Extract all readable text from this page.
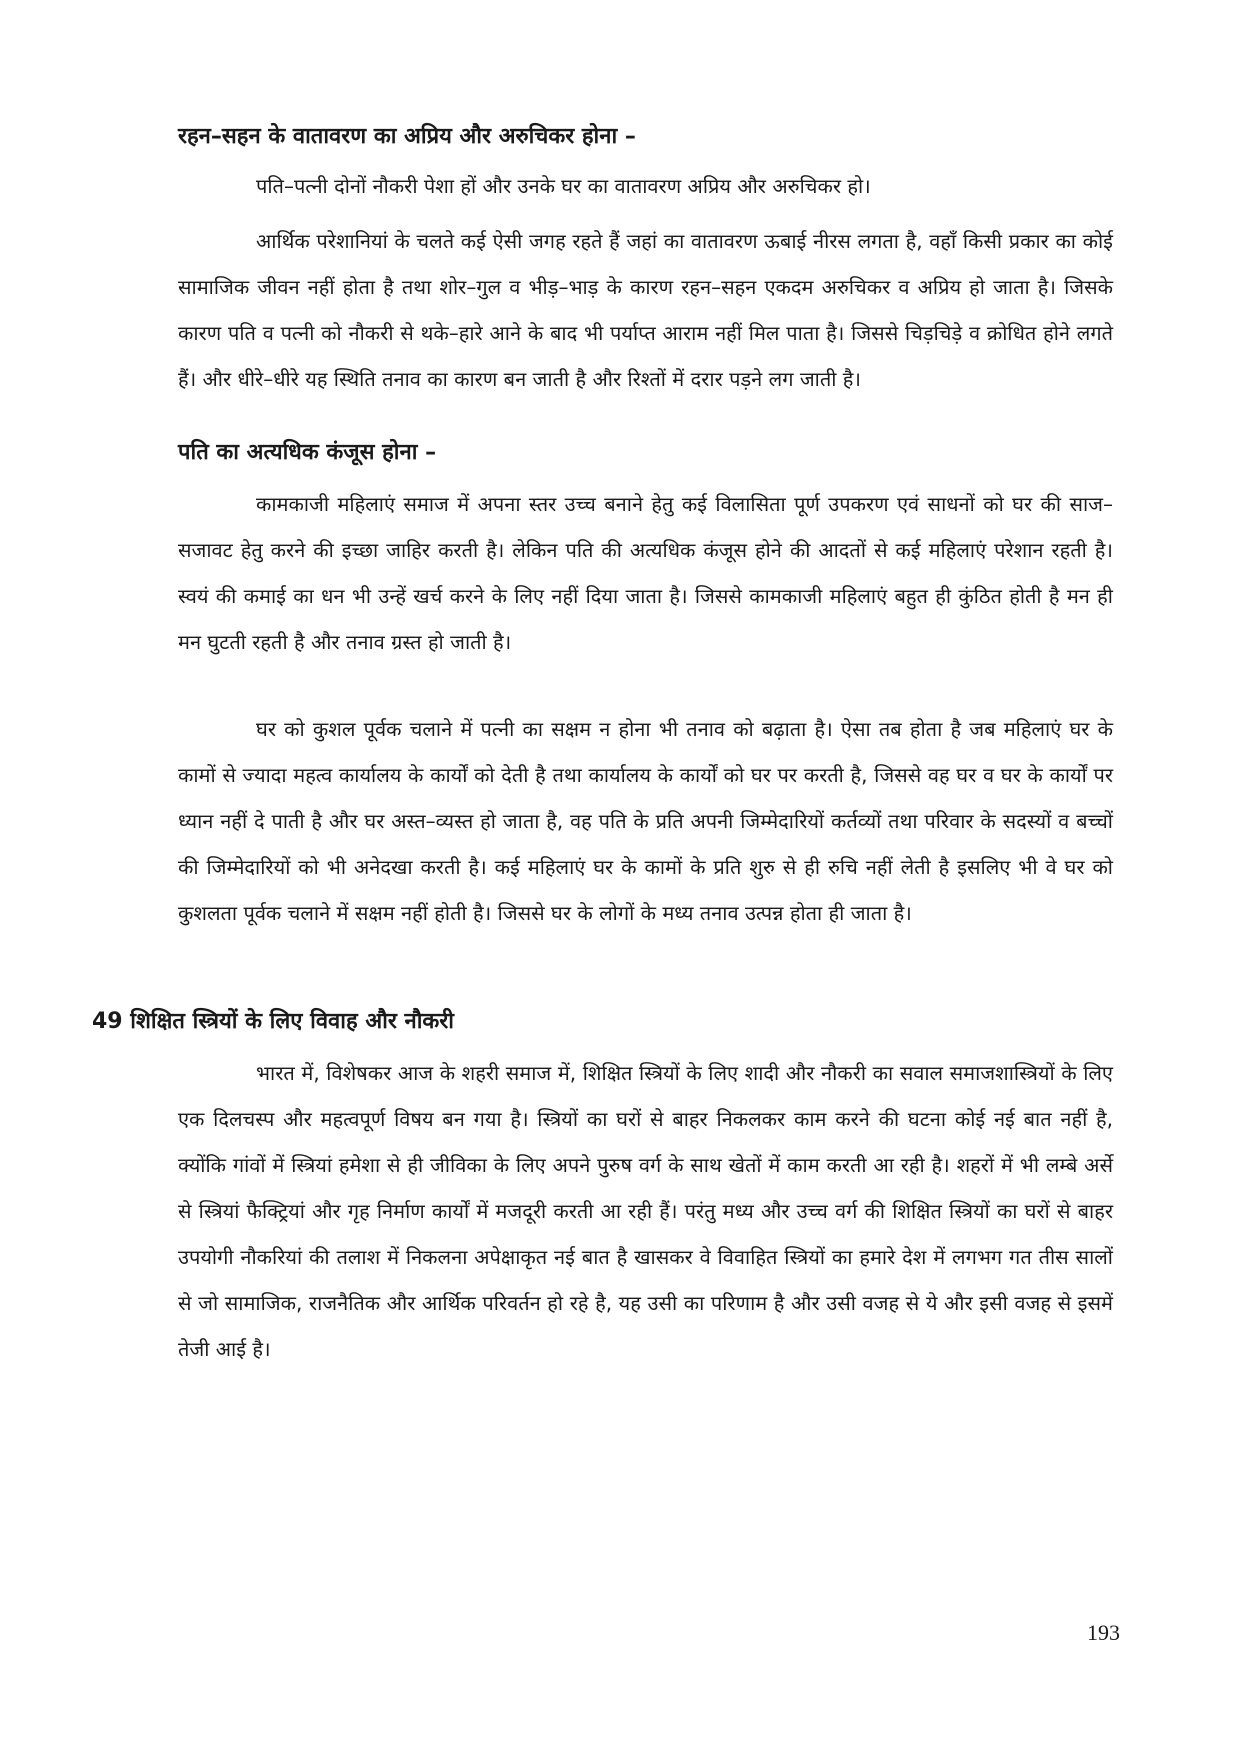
रहन–सहन के वातावरण का अप्रिय और अरुचिकर होना –

पति–पत्नी दोनों नौकरी पेशा हों और उनके घर का वातावरण अप्रिय और अरुचिकर हो।

आर्थिक परेशानियां के चलते कई ऐसी जगह रहते हैं जहां का वातावरण ऊबाई नीरस लगता है, वहाँ किसी प्रकार का कोई सामाजिक जीवन नहीं होता है तथा शोर–गुल व भीड़–भाड़ के कारण रहन–सहन एकदम अरुचिकर व अप्रिय हो जाता है। जिसके कारण पति व पत्नी को नौकरी से थके–हारे आने के बाद भी पर्याप्त आराम नहीं मिल पाता है। जिससे चिड़चिड़े व क्रोधित होने लगते हैं। और धीरे–धीरे यह स्थिति तनाव का कारण बन जाती है और रिश्तों में दरार पड़ने लग जाती है।

पति का अत्यधिक कंजूस होना –

कामकाजी महिलाएं समाज में अपना स्तर उच्च बनाने हेतु कई विलासिता पूर्ण उपकरण एवं साधनों को घर की साज–सजावट हेतु करने की इच्छा जाहिर करती है। लेकिन पति की अत्यधिक कंजूस होने की आदतों से कई महिलाएं परेशान रहती है। स्वयं की कमाई का धन भी उन्हें खर्च करने के लिए नहीं दिया जाता है। जिससे कामकाजी महिलाएं बहुत ही कुंठित होती है मन ही मन घुटती रहती है और तनाव ग्रस्त हो जाती है।

घर को कुशल पूर्वक चलाने में पत्नी का सक्षम न होना भी तनाव को बढ़ाता है। ऐसा तब होता है जब महिलाएं घर के कामों से ज्यादा महत्व कार्यालय के कार्यों को देती है तथा कार्यालय के कार्यों को घर पर करती है, जिससे वह घर व घर के कार्यों पर ध्यान नहीं दे पाती है और घर अस्त–व्यस्त हो जाता है, वह पति के प्रति अपनी जिम्मेदारियों कर्तव्यों तथा परिवार के सदस्यों व बच्चों की जिम्मेदारियों को भी अनेदखा करती है। कई महिलाएं घर के कामों के प्रति शुरु से ही रुचि नहीं लेती है इसलिए भी वे घर को कुशलता पूर्वक चलाने में सक्षम नहीं होती है। जिससे घर के लोगों के मध्य तनाव उत्पन्न होता ही जाता है।

49 शिक्षित स्त्रियों के लिए विवाह और नौकरी

भारत में, विशेषकर आज के शहरी समाज में, शिक्षित स्त्रियों के लिए शादी और नौकरी का सवाल समाजशास्त्रियों के लिए एक दिलचस्प और महत्वपूर्ण विषय बन गया है। स्त्रियों का घरों से बाहर निकलकर काम करने की घटना कोई नई बात नहीं है, क्योंकि गांवों में स्त्रियां हमेशा से ही जीविका के लिए अपने पुरुष वर्ग के साथ खेतों में काम करती आ रही है। शहरों में भी लम्बे अर्से से स्त्रियां फैक्ट्रियां और गृह निर्माण कार्यों में मजदूरी करती आ रही हैं। परंतु मध्य और उच्च वर्ग की शिक्षित स्त्रियों का घरों से बाहर उपयोगी नौकरियां की तलाश में निकलना अपेक्षाकृत नई बात है खासकर वे विवाहित स्त्रियों का हमारे देश में लगभग गत तीस सालों से जो सामाजिक, राजनैतिक और आर्थिक परिवर्तन हो रहे है, यह उसी का परिणाम है और उसी वजह से ये और इसी वजह से इसमें तेजी आई है।

193
